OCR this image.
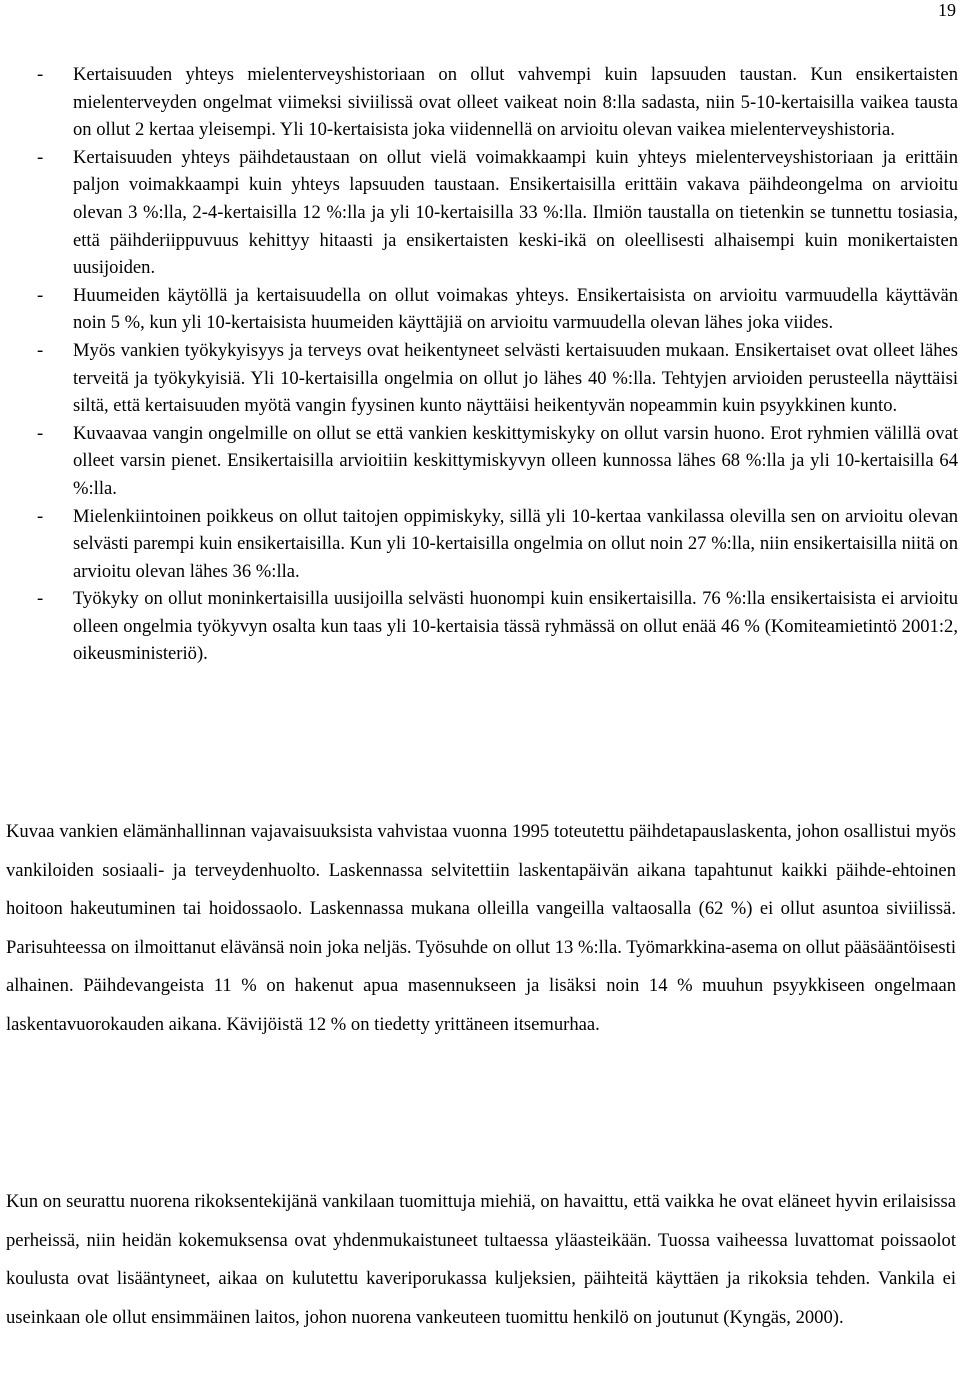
19
- Kertaisuuden yhteys mielenterveyshistoriaan on ollut vahvempi kuin lapsuuden taustan. Kun ensikertaisten mielenterveyden ongelmat viimeksi siviilissä ovat olleet vaikeat noin 8:lla sadasta, niin 5-10-kertaisilla vaikea tausta on ollut 2 kertaa yleisempi. Yli 10-kertaisista joka viidennellä on arvioitu olevan vaikea mielenterveyshistoria.
- Kertaisuuden yhteys päihdetaustaan on ollut vielä voimakkaampi kuin yhteys mielenterveyshistoriaan ja erittäin paljon voimakkaampi kuin yhteys lapsuuden taustaan. Ensikertaisilla erittäin vakava päihdeongelma on arvioitu olevan 3 %:lla, 2-4-kertaisilla 12 %:lla ja yli 10-kertaisilla 33 %:lla. Ilmiön taustalla on tietenkin se tunnettu tosiasia, että päihderiippuvuus kehittyy hitaasti ja ensikertaisten keski-ikä on oleellisesti alhaisempi kuin monikertaisten uusijoiden.
- Huumeiden käytöllä ja kertaisuudella on ollut voimakas yhteys. Ensikertaisista on arvioitu varmuudella käyttävän noin 5 %, kun yli 10-kertaisista huumeiden käyttäjiä on arvioitu varmuudella olevan lähes joka viides.
- Myös vankien työkykyisyys ja terveys ovat heikentyneet selvästi kertaisuuden mukaan. Ensikertaiset ovat olleet lähes terveitä ja työkykyisiä. Yli 10-kertaisilla ongelmia on ollut jo lähes 40 %:lla. Tehtyjen arvioiden perusteella näyttäisi siltä, että kertaisuuden myötä vangin fyysinen kunto näyttäisi heikentyvän nopeammin kuin psyykkinen kunto.
- Kuvaavaa vangin ongelmille on ollut se että vankien keskittymiskyky on ollut varsin huono. Erot ryhmien välillä ovat olleet varsin pienet. Ensikertaisilla arvioitiin keskittymiskyvyn olleen kunnossa lähes 68 %:lla ja yli 10-kertaisilla 64 %:lla.
- Mielenkiintoinen poikkeus on ollut taitojen oppimiskyky, sillä yli 10-kertaa vankilassa olevilla sen on arvioitu olevan selvästi parempi kuin ensikertaisilla. Kun yli 10-kertaisilla ongelmia on ollut noin 27 %:lla, niin ensikertaisilla niitä on arvioitu olevan lähes 36 %:lla.
- Työkyky on ollut moninkertaisilla uusijoilla selvästi huonompi kuin ensikertaisilla. 76 %:lla ensikertaisista ei arvioitu olleen ongelmia työkyvyn osalta kun taas yli 10-kertaisia tässä ryhmässä on ollut enää 46 % (Komiteamietintö 2001:2, oikeusministeriö).

Kuvaa vankien elämänhallinnan vajavaisuuksista vahvistaa vuonna 1995 toteutettu päihdetapauslaskenta, johon osallistui myös vankiloiden sosiaali- ja terveydenhuolto. Laskennassa selvitettiin laskentapäivän aikana tapahtunut kaikki päihde-ehtoinen hoitoon hakeutuminen tai hoidossaolo. Laskennassa mukana olleilla vangeilla valtaosalla (62 %) ei ollut asuntoa siviilissä. Parisuhteessa on ilmoittanut elävänsä noin joka neljäs. Työsuhde on ollut 13 %:lla. Työmarkkina-asema on ollut pääsääntöisesti alhainen. Päihdevangeista 11 % on hakenut apua masennukseen ja lisäksi noin 14 % muuhun psyykkiseen ongelmaan laskentavuorokauden aikana. Kävijöistä 12 % on tiedetty yrittäneen itsemurhaa.

Kun on seurattu nuorena rikoksentekijänä vankilaan tuomittuja miehiä, on havaittu, että vaikka he ovat eläneet hyvin erilaisissa perheissä, niin heidän kokemuksensa ovat yhdenmukaistuneet tultaessa yläasteikään. Tuossa vaiheessa luvattomat poissaolot koulusta ovat lisääntyneet, aikaa on kulutettu kaveriporukassa kuljeksien, päihteitä käyttäen ja rikoksia tehden. Vankila ei useinkaan ole ollut ensimmäinen laitos, johon nuorena vankeuteen tuomittu henkilö on joutunut (Kyngäs, 2000).
